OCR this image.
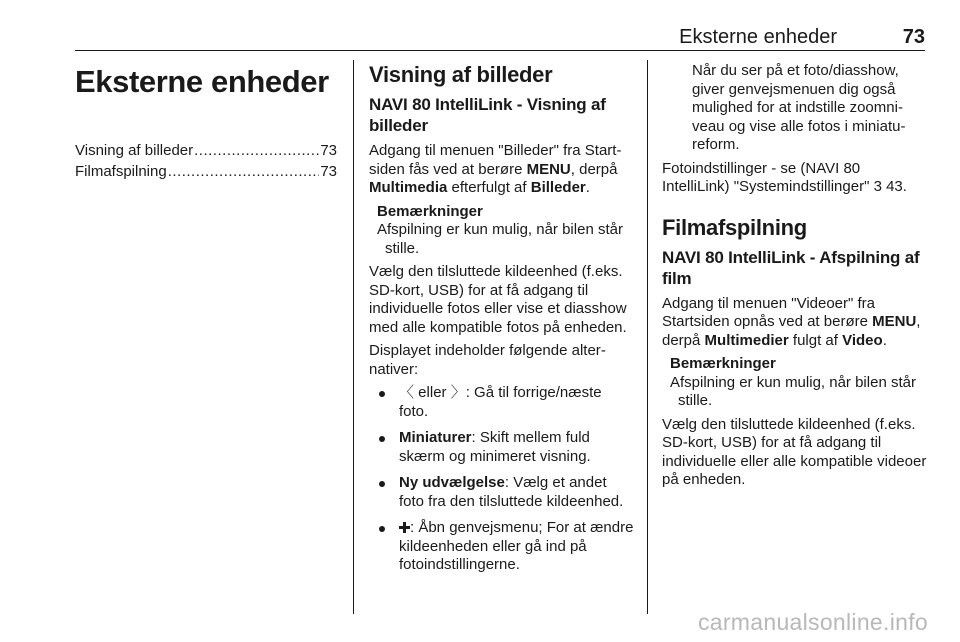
Eksterne enheder	73
Eksterne enheder
Visning af billeder .....	73
Filmafspilning .....	73
Visning af billeder
NAVI 80 IntelliLink - Visning af billeder

Adgang til menuen "Billeder" fra Startsiden fås ved at berøre MENU, derpå Multimedia efterfulgt af Billeder.

Bemærkninger
Afspilning er kun mulig, når bilen står
stille.

Vælg den tilsluttede kildeenhed (f.eks. SD-kort, USB) for at få adgang til individuelle fotos eller vise et diasshow med alle kompatible fotos på enheden.

Displayet indeholder følgende alternativer:

〈 eller 〉: Gå til forrige/næste foto.
Miniaturer: Skift mellem fuld skærm og minimeret visning.
Ny udvælgelse: Vælg et andet foto fra den tilsluttede kildeenhed.
: Åbn genvejsmenu; For at ændre kildeenheden eller gå ind på fotoindstillingerne.

Når du ser på et foto/diasshow, giver genvejsmenuen dig også mulighed for at indstille zoomniveau og vise alle fotos i miniatureform.

Fotoindstillinger - se (NAVI 80 IntelliLink) "Systemindstillinger" 3 43.

Filmafspilning
NAVI 80 IntelliLink - Afspilning af film

Adgang til menuen "Videoer" fra Startsiden opnås ved at berøre MENU, derpå Multimedier fulgt af Video.

Bemærkninger
Afspilning er kun mulig, når bilen står
stille.

Vælg den tilsluttede kildeenhed (f.eks. SD-kort, USB) for at få adgang til individuelle eller alle kompatible videoer på enheden.

carmanualsonline.info
